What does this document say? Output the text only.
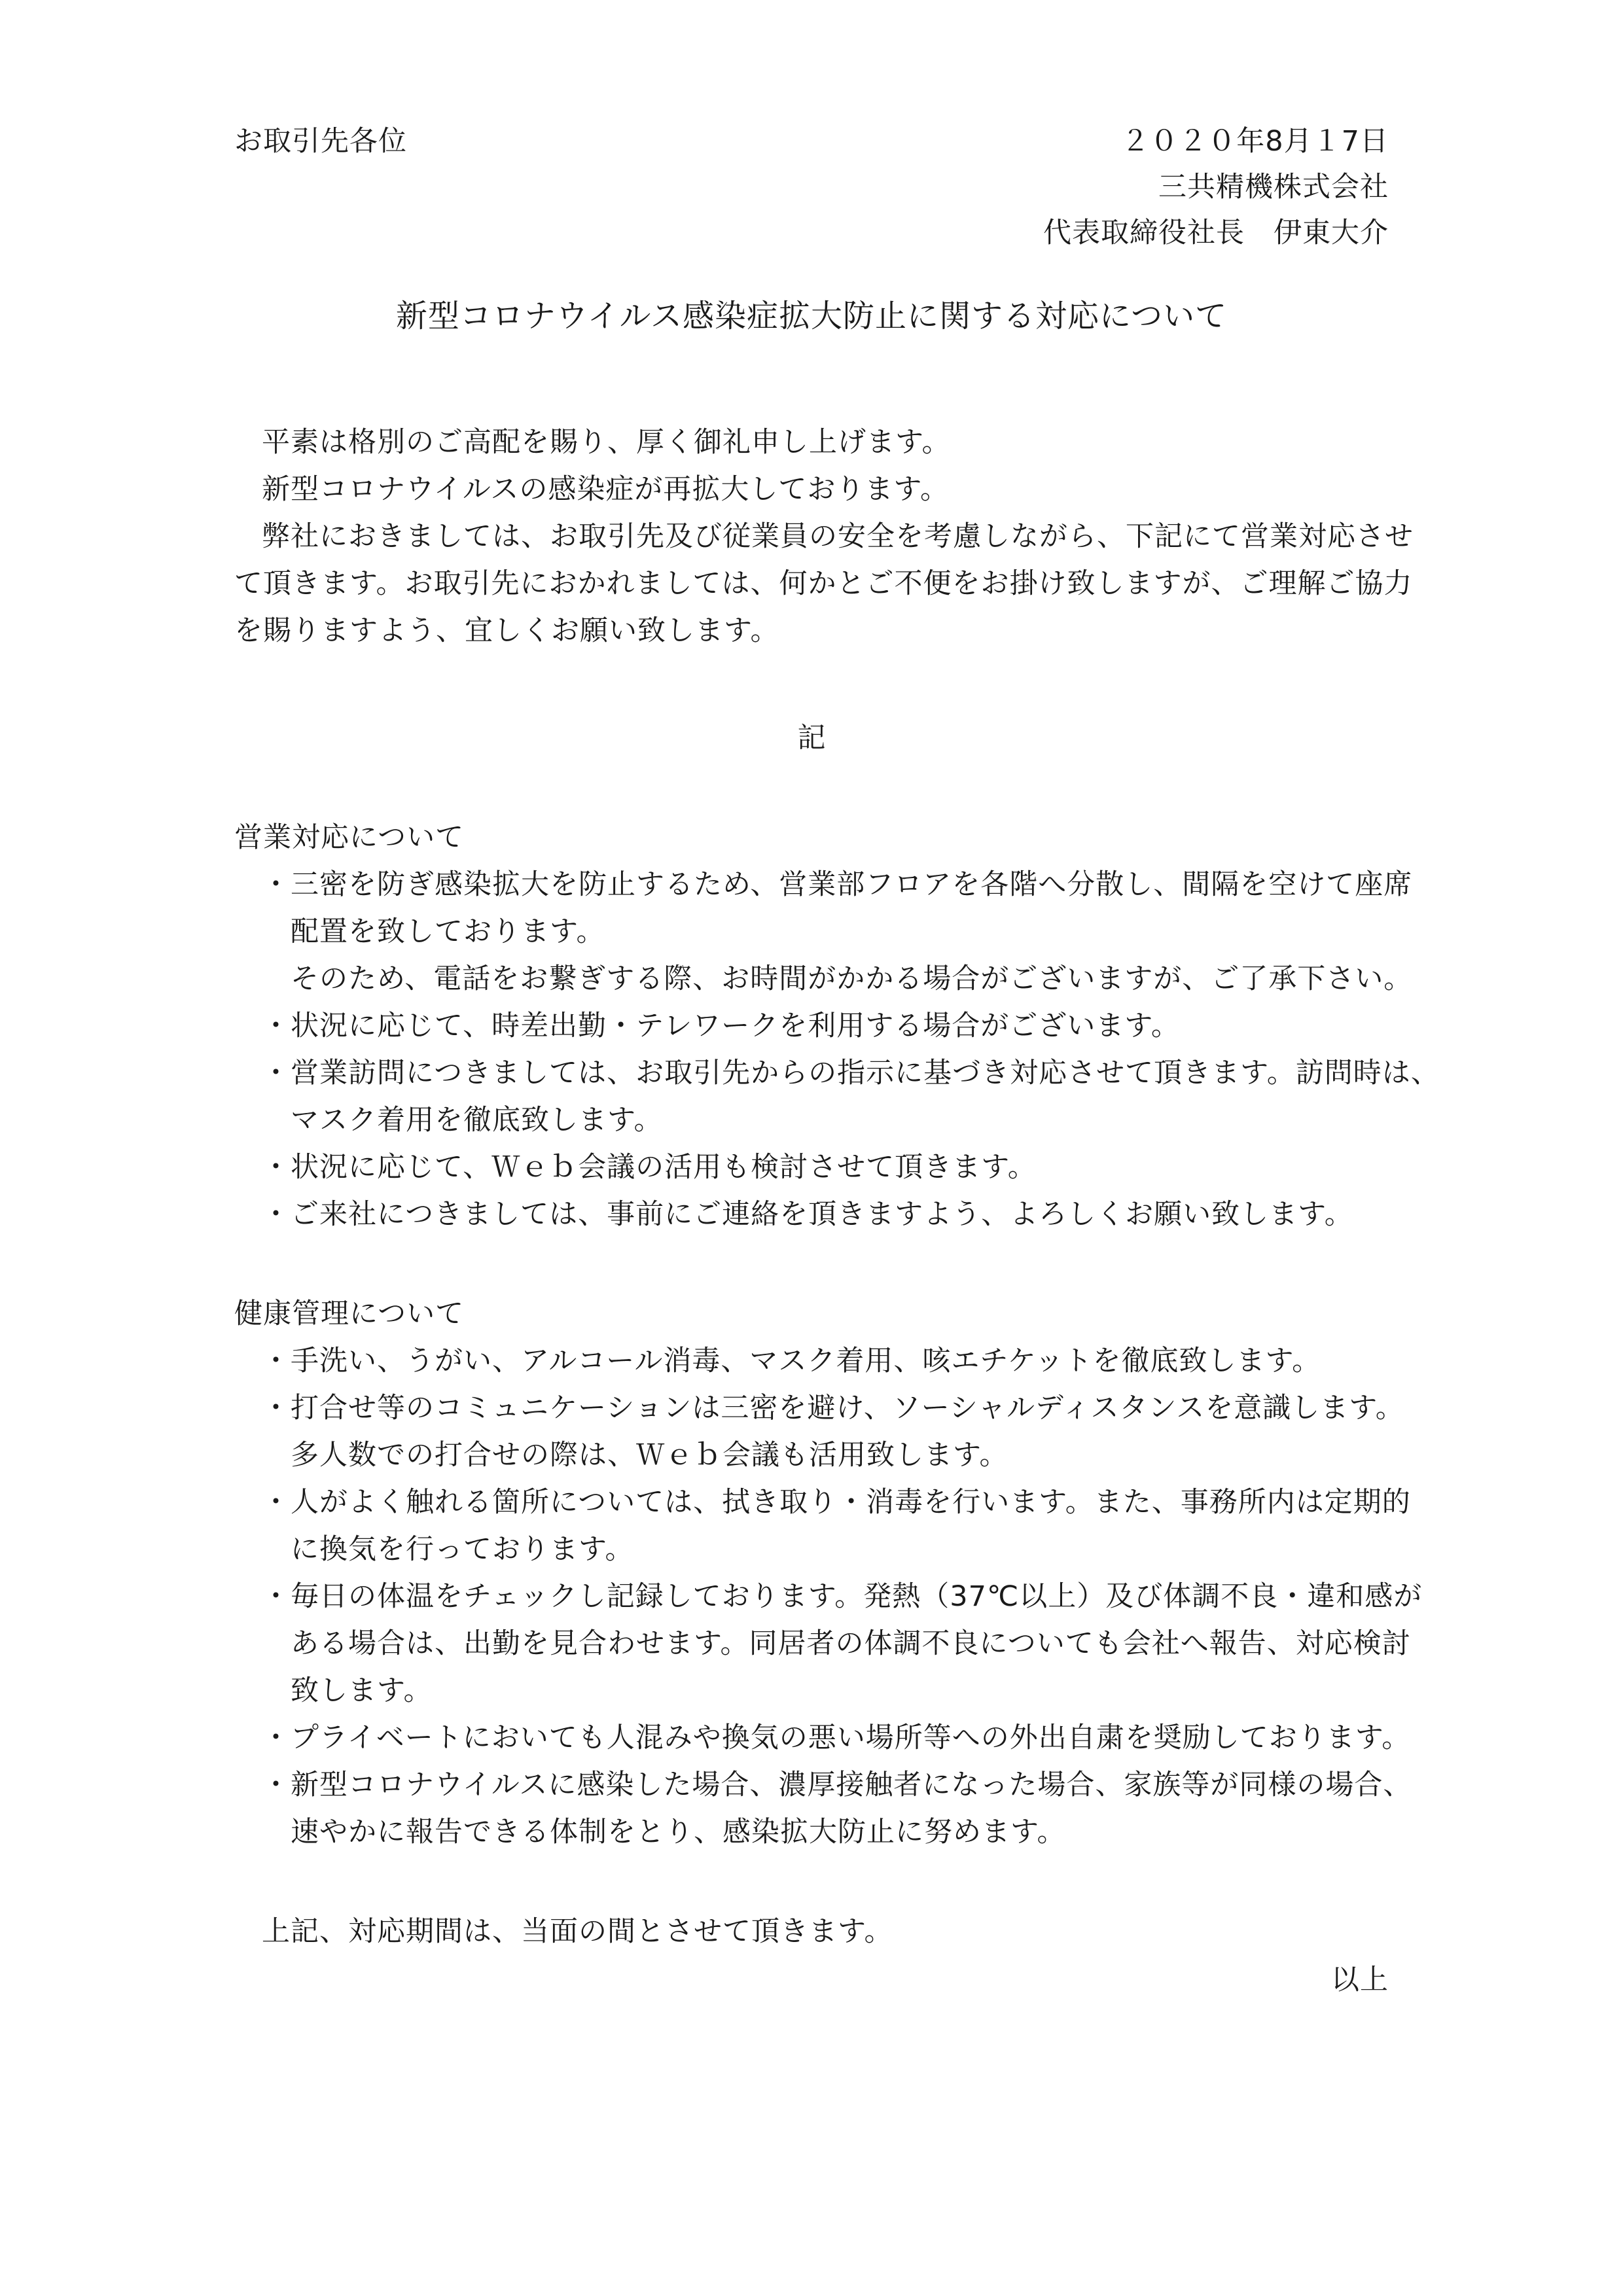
お取引先各位	２０２０年8月１7日
三共精機株式会社
代表取締役社長　伊東大介
新型コロナウイルス感染症拡大防止に関する対応について
平素は格別のご高配を賜り、厚く御礼申し上げます。
新型コロナウイルスの感染症が再拡大しております。
弊社におきましては、お取引先及び従業員の安全を考慮しながら、下記にて営業対応させ
て頂きます。お取引先におかれましては、何かとご不便をお掛け致しますが、ご理解ご協力
を賜りますよう、宜しくお願い致します。
記
営業対応について
・三密を防ぎ感染拡大を防止するため、営業部フロアを各階へ分散し、間隔を空けて座席
配置を致しております。
そのため、電話をお繋ぎする際、お時間がかかる場合がございますが、ご了承下さい。
・状況に応じて、時差出勤・テレワークを利用する場合がございます。
・営業訪問につきましては、お取引先からの指示に基づき対応させて頂きます。訪問時は、
マスク着用を徹底致します。
・状況に応じて、Ｗｅｂ会議の活用も検討させて頂きます。
・ご来社につきましては、事前にご連絡を頂きますよう、よろしくお願い致します。
健康管理について
・手洗い、うがい、アルコール消毒、マスク着用、咳エチケットを徹底致します。
・打合せ等のコミュニケーションは三密を避け、ソーシャルディスタンスを意識します。
多人数での打合せの際は、Ｗｅｂ会議も活用致します。
・人がよく触れる箇所については、拭き取り・消毒を行います。また、事務所内は定期的
に換気を行っております。
・毎日の体温をチェックし記録しております。発熱（37℃以上）及び体調不良・違和感が
ある場合は、出勤を見合わせます。同居者の体調不良についても会社へ報告、対応検討
致します。
・プライベートにおいても人混みや換気の悪い場所等への外出自粛を奨励しております。
・新型コロナウイルスに感染した場合、濃厚接触者になった場合、家族等が同様の場合、
速やかに報告できる体制をとり、感染拡大防止に努めます。
上記、対応期間は、当面の間とさせて頂きます。
以上
